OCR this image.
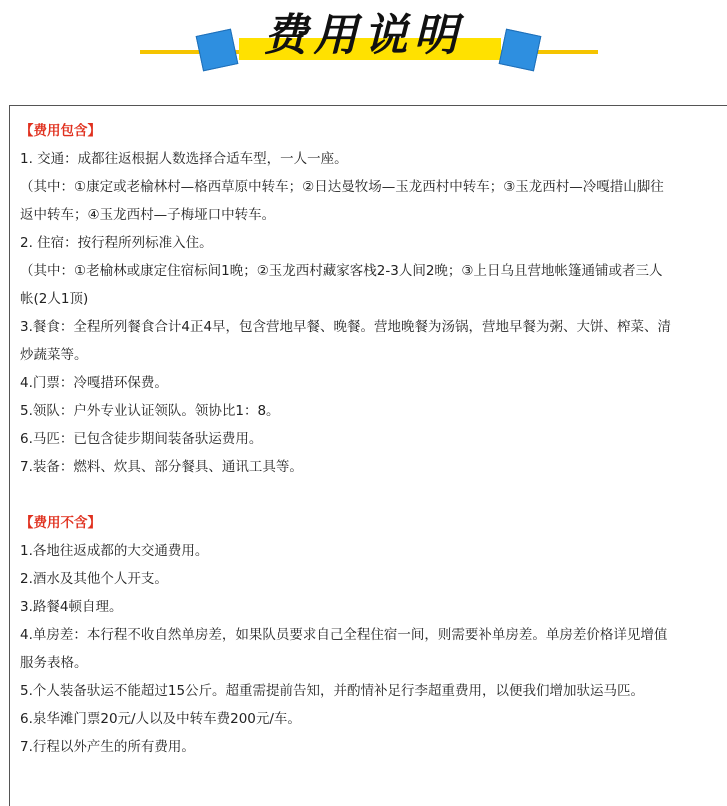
费用说明
【费用包含】
1. 交通：成都往返根据人数选择合适车型，一人一座。
（其中：①康定或老榆林村—格西草原中转车；②日达曼牧场—玉龙西村中转车；③玉龙西村—冷嘎措山脚往
返中转车；④玉龙西村—子梅垭口中转车。
2. 住宿：按行程所列标准入住。
（其中：①老榆林或康定住宿标间1晚；②玉龙西村藏家客栈2-3人间2晚；③上日乌且营地帐篷通铺或者三人
帐(2人1顶)
3.餐食：全程所列餐食合计4正4早，包含营地早餐、晚餐。营地晚餐为汤锅，营地早餐为粥、大饼、榨菜、清
炒蔬菜等。
4.门票：冷嘎措环保费。
5.领队：户外专业认证领队。领协比1：8。
6.马匹：已包含徒步期间装备驮运费用。
7.装备：燃料、炊具、部分餐具、通讯工具等。
【费用不含】
1.各地往返成都的大交通费用。
2.酒水及其他个人开支。
3.路餐4顿自理。
4.单房差：本行程不收自然单房差，如果队员要求自己全程住宿一间，则需要补单房差。单房差价格详见增值
服务表格。
5.个人装备驮运不能超过15公斤。超重需提前告知，并酌情补足行李超重费用，以便我们增加驮运马匹。
6.泉华滩门票20元/人以及中转车费200元/车。
7.行程以外产生的所有费用。
